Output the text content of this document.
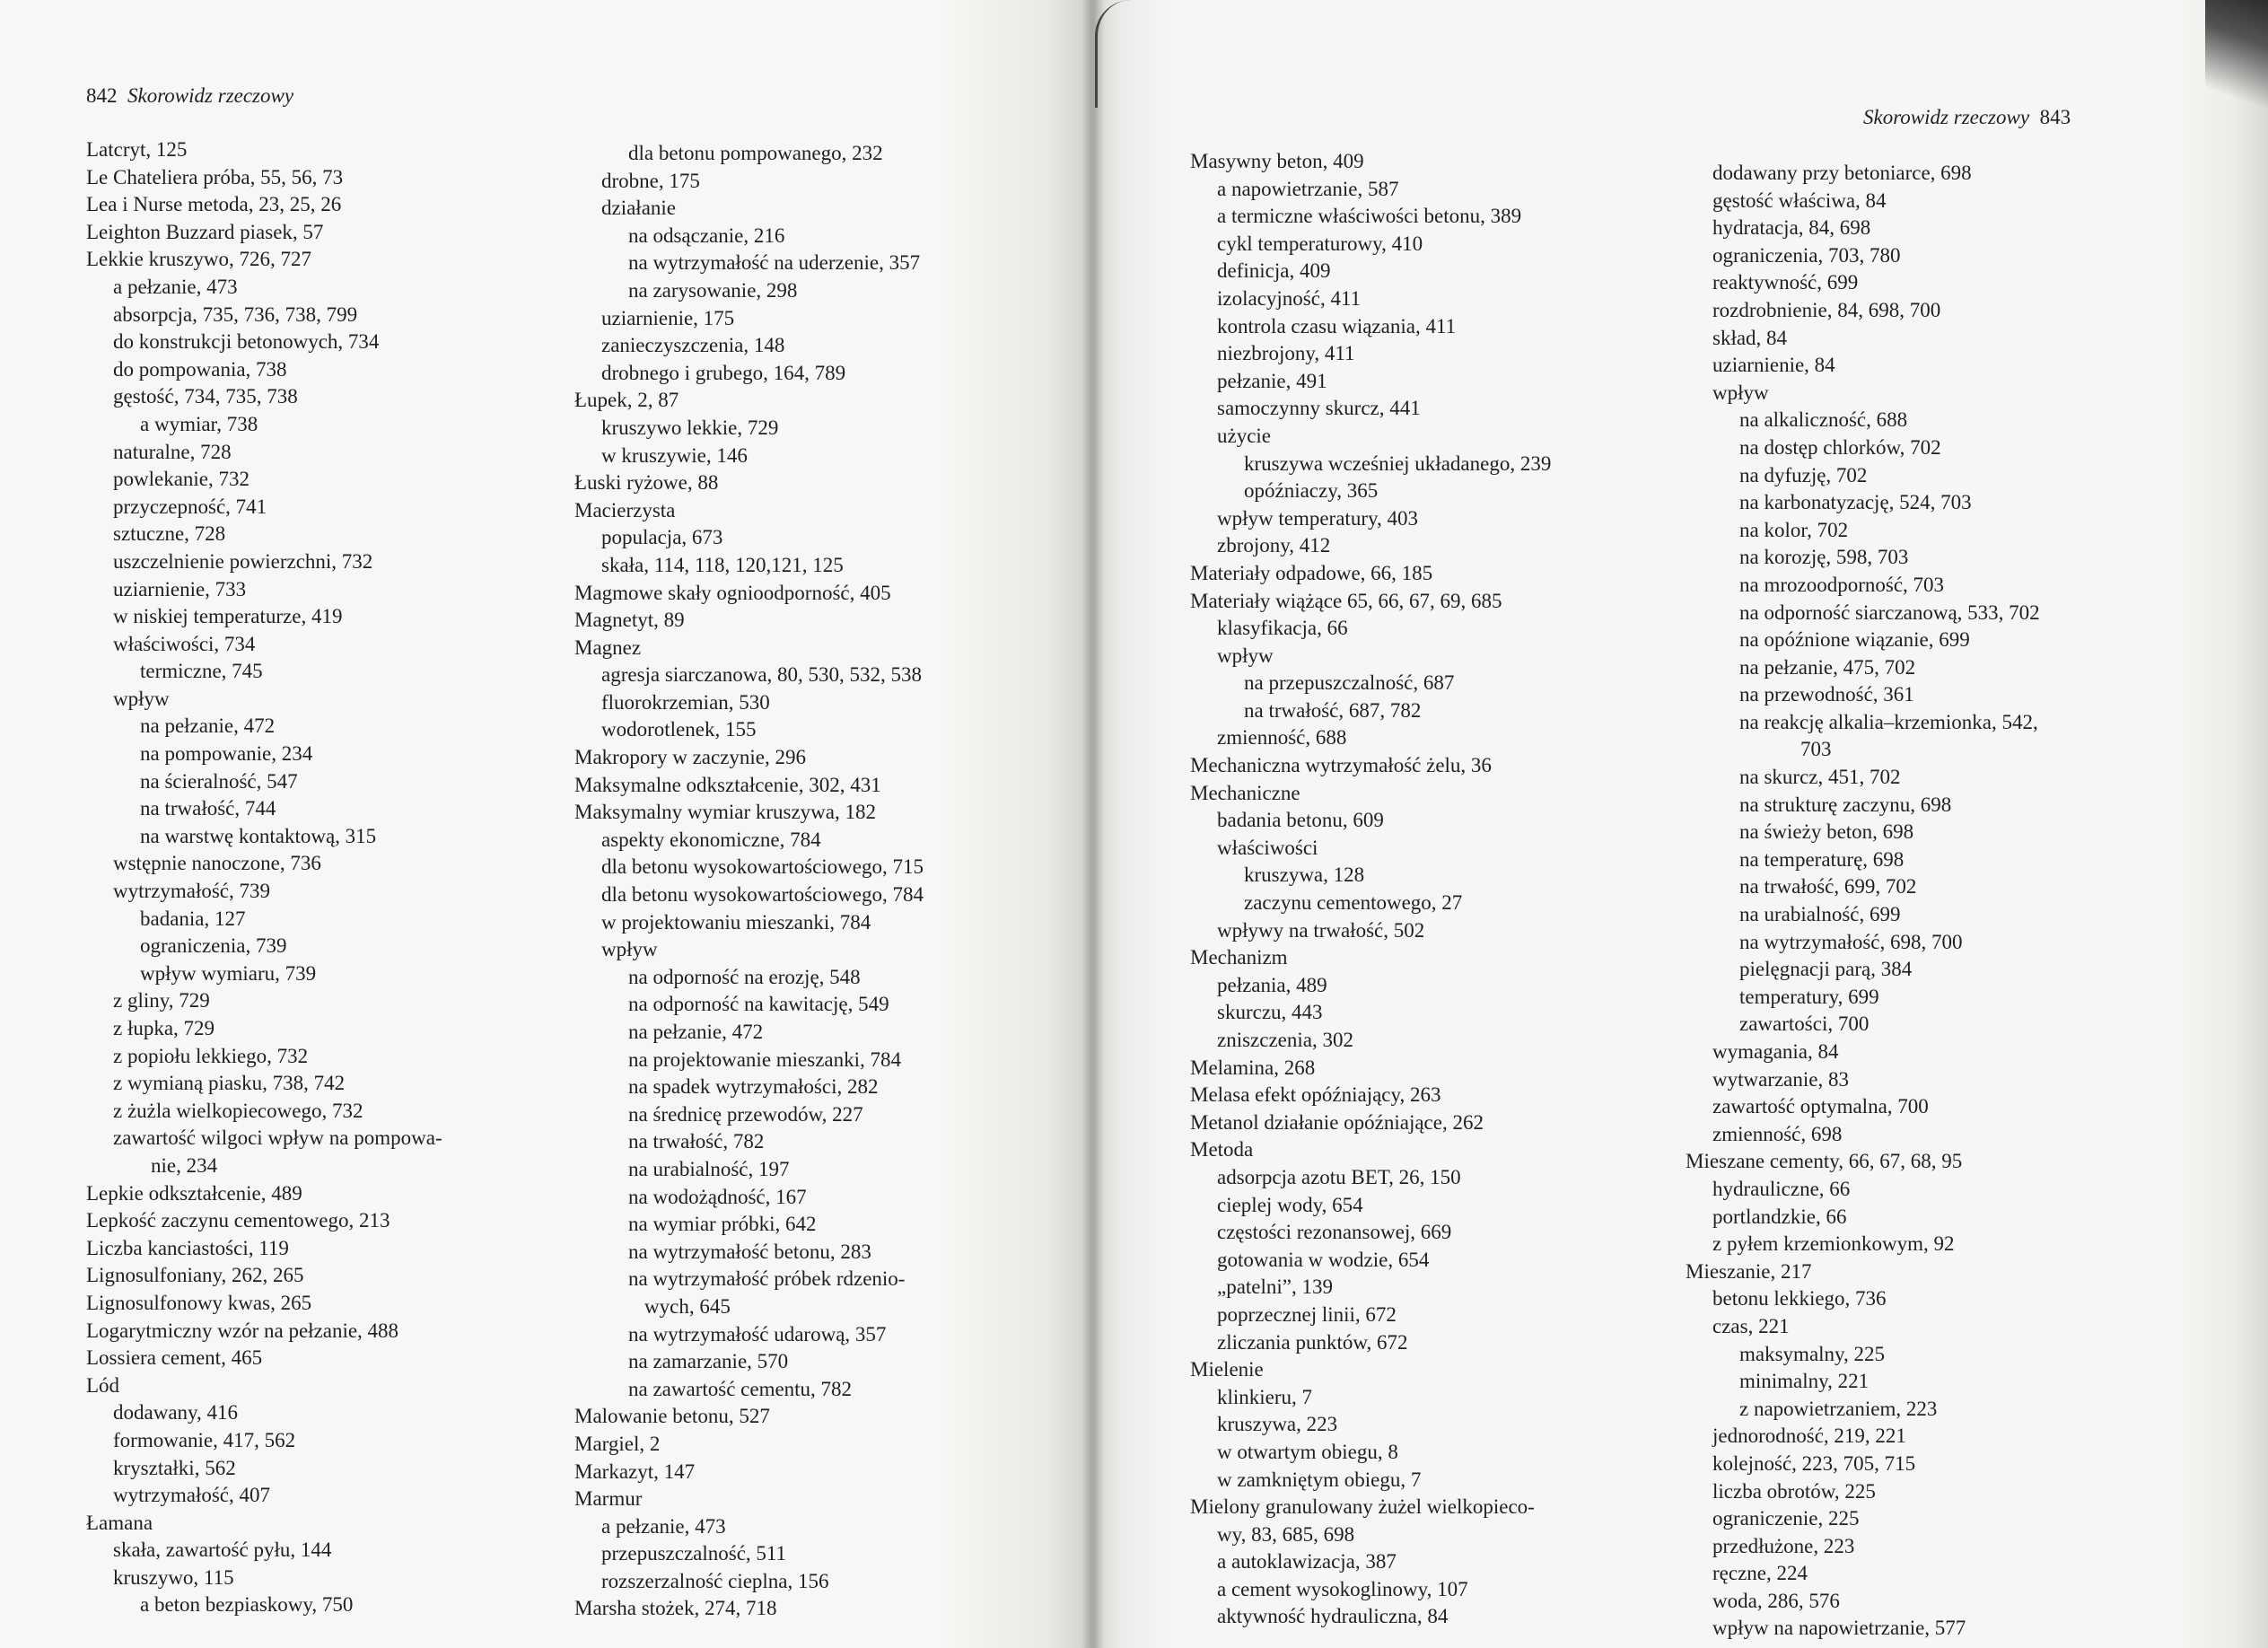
842 Skorowidz rzeczowy
Latcryt, 125
Le Chateliera próba, 55, 56, 73
Lea i Nurse metoda, 23, 25, 26
Leighton Buzzard piasek, 57
Lekkie kruszywo, 726, 727
a pełzanie, 473
absorpcja, 735, 736, 738, 799
do konstrukcji betonowych, 734
do pompowania, 738
gęstość, 734, 735, 738
a wymiar, 738
naturalne, 728
powlekanie, 732
przyczepność, 741
sztuczne, 728
uszczelnienie powierzchni, 732
uziarnienie, 733
w niskiej temperaturze, 419
właściwości, 734
termiczne, 745
wpływ
na pełzanie, 472
na pompowanie, 234
na ścieralność, 547
na trwałość, 744
na warstwę kontaktową, 315
wstępnie nanoczone, 736
wytrzymałość, 739
badania, 127
ograniczenia, 739
wpływ wymiaru, 739
z gliny, 729
z łupka, 729
z popiołu lekkiego, 732
z wymianą piasku, 738, 742
z żużla wielkopiecowego, 732
zawartość wilgoci wpływ na pompowa-
nie, 234
Lepkie odkształcenie, 489
Lepkość zaczynu cementowego, 213
Liczba kanciastości, 119
Lignosulfoniany, 262, 265
Lignosulfonowy kwas, 265
Logarytmiczny wzór na pełzanie, 488
Lossiera cement, 465
Lód
dodawany, 416
formowanie, 417, 562
kryształki, 562
wytrzymałość, 407
Łamana
skała, zawartość pyłu, 144
kruszywo, 115
a beton bezpiaskowy, 750
dla betonu pompowanego, 232
drobne, 175
działanie
na odsączanie, 216
na wytrzymałość na uderzenie, 357
na zarysowanie, 298
uziarnienie, 175
zanieczyszczenia, 148
drobnego i grubego, 164, 789
Łupek, 2, 87
kruszywo lekkie, 729
w kruszywie, 146
Łuski ryżowe, 88
Macierzysta
populacja, 673
skała, 114, 118, 120,121, 125
Magmowe skały ognioodporność, 405
Magnetyt, 89
Magnez
agresja siarczanowa, 80, 530, 532, 538
fluorokrzemian, 530
wodorotlenek, 155
Makropory w zaczynie, 296
Maksymalne odkształcenie, 302, 431
Maksymalny wymiar kruszywa, 182
aspekty ekonomiczne, 784
dla betonu wysokowartościowego, 715
dla betonu wysokowartościowego, 784
w projektowaniu mieszanki, 784
wpływ
na odporność na erozję, 548
na odporność na kawitację, 549
na pełzanie, 472
na projektowanie mieszanki, 784
na spadek wytrzymałości, 282
na średnicę przewodów, 227
na trwałość, 782
na urabialność, 197
na wodożądność, 167
na wymiar próbki, 642
na wytrzymałość betonu, 283
na wytrzymałość próbek rdzenio-
wych, 645
na wytrzymałość udarową, 357
na zamarzanie, 570
na zawartość cementu, 782
Malowanie betonu, 527
Margiel, 2
Markazyt, 147
Marmur
a pełzanie, 473
przepuszczalność, 511
rozszerzalność cieplna, 156
Marsha stożek, 274, 718
Skorowidz rzeczowy 843
Masywny beton, 409
a napowietrzanie, 587
a termiczne właściwości betonu, 389
cykl temperaturowy, 410
definicja, 409
izolacyjność, 411
kontrola czasu wiązania, 411
niezbrojony, 411
pełzanie, 491
samoczynny skurcz, 441
użycie
kruszywa wcześniej układanego, 239
opóźniaczy, 365
wpływ temperatury, 403
zbrojony, 412
Materiały odpadowe, 66, 185
Materiały wiążące 65, 66, 67, 69, 685
klasyfikacja, 66
wpływ
na przepuszczalność, 687
na trwałość, 687, 782
zmienność, 688
Mechaniczna wytrzymałość żelu, 36
Mechaniczne
badania betonu, 609
właściwości
kruszywa, 128
zaczynu cementowego, 27
wpływy na trwałość, 502
Mechanizm
pełzania, 489
skurczu, 443
zniszczenia, 302
Melamina, 268
Melasa efekt opóźniający, 263
Metanol działanie opóźniające, 262
Metoda
adsorpcja azotu BET, 26, 150
cieplej wody, 654
częstości rezonansowej, 669
gotowania w wodzie, 654
„patelni”, 139
poprzecznej linii, 672
zliczania punktów, 672
Mielenie
klinkieru, 7
kruszywa, 223
w otwartym obiegu, 8
w zamkniętym obiegu, 7
Mielony granulowany żużel wielkopieco-
wy, 83, 685, 698
a autoklawizacja, 387
a cement wysokoglinowy, 107
aktywność hydrauliczna, 84
dodawany przy betoniarce, 698
gęstość właściwa, 84
hydratacja, 84, 698
ograniczenia, 703, 780
reaktywność, 699
rozdrobnienie, 84, 698, 700
skład, 84
uziarnienie, 84
wpływ
na alkaliczność, 688
na dostęp chlorków, 702
na dyfuzję, 702
na karbonatyzację, 524, 703
na kolor, 702
na korozję, 598, 703
na mrozoodporność, 703
na odporność siarczanową, 533, 702
na opóźnione wiązanie, 699
na pełzanie, 475, 702
na przewodność, 361
na reakcję alkalia–krzemionka, 542,
703
na skurcz, 451, 702
na strukturę zaczynu, 698
na świeży beton, 698
na temperaturę, 698
na trwałość, 699, 702
na urabialność, 699
na wytrzymałość, 698, 700
pielęgnacji parą, 384
temperatury, 699
zawartości, 700
wymagania, 84
wytwarzanie, 83
zawartość optymalna, 700
zmienność, 698
Mieszane cementy, 66, 67, 68, 95
hydrauliczne, 66
portlandzkie, 66
z pyłem krzemionkowym, 92
Mieszanie, 217
betonu lekkiego, 736
czas, 221
maksymalny, 225
minimalny, 221
z napowietrzaniem, 223
jednorodność, 219, 221
kolejność, 223, 705, 715
liczba obrotów, 225
ograniczenie, 225
przedłużone, 223
ręczne, 224
woda, 286, 576
wpływ na napowietrzanie, 577
